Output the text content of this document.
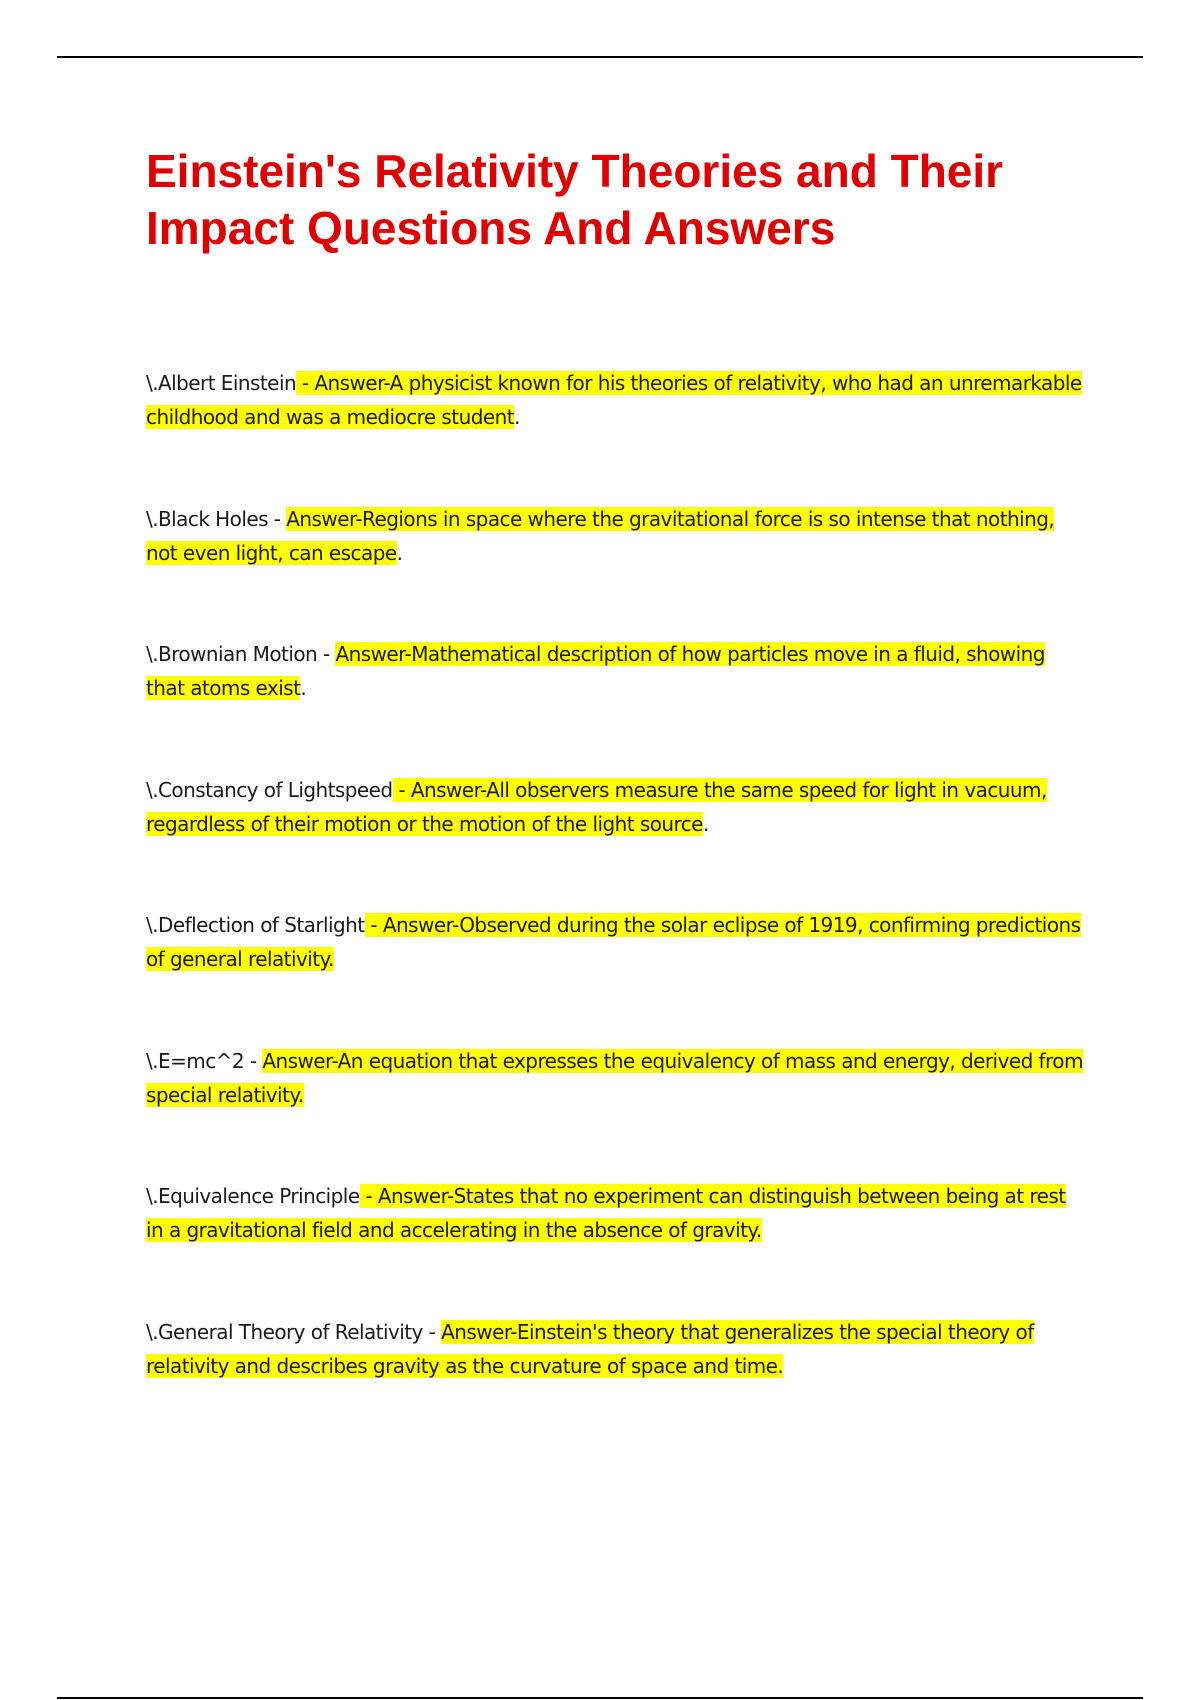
Einstein's Relativity Theories and Their Impact Questions And Answers

\.Albert Einstein - Answer-A physicist known for his theories of relativity, who had an unremarkable childhood and was a mediocre student.

\.Black Holes - Answer-Regions in space where the gravitational force is so intense that nothing, not even light, can escape.

\.Brownian Motion - Answer-Mathematical description of how particles move in a fluid, showing that atoms exist.

\.Constancy of Lightspeed - Answer-All observers measure the same speed for light in vacuum, regardless of their motion or the motion of the light source.

\.Deflection of Starlight - Answer-Observed during the solar eclipse of 1919, confirming predictions of general relativity.

\.E=mc^2 - Answer-An equation that expresses the equivalency of mass and energy, derived from special relativity.

\.Equivalence Principle - Answer-States that no experiment can distinguish between being at rest in a gravitational field and accelerating in the absence of gravity.

\.General Theory of Relativity - Answer-Einstein's theory that generalizes the special theory of relativity and describes gravity as the curvature of space and time.
